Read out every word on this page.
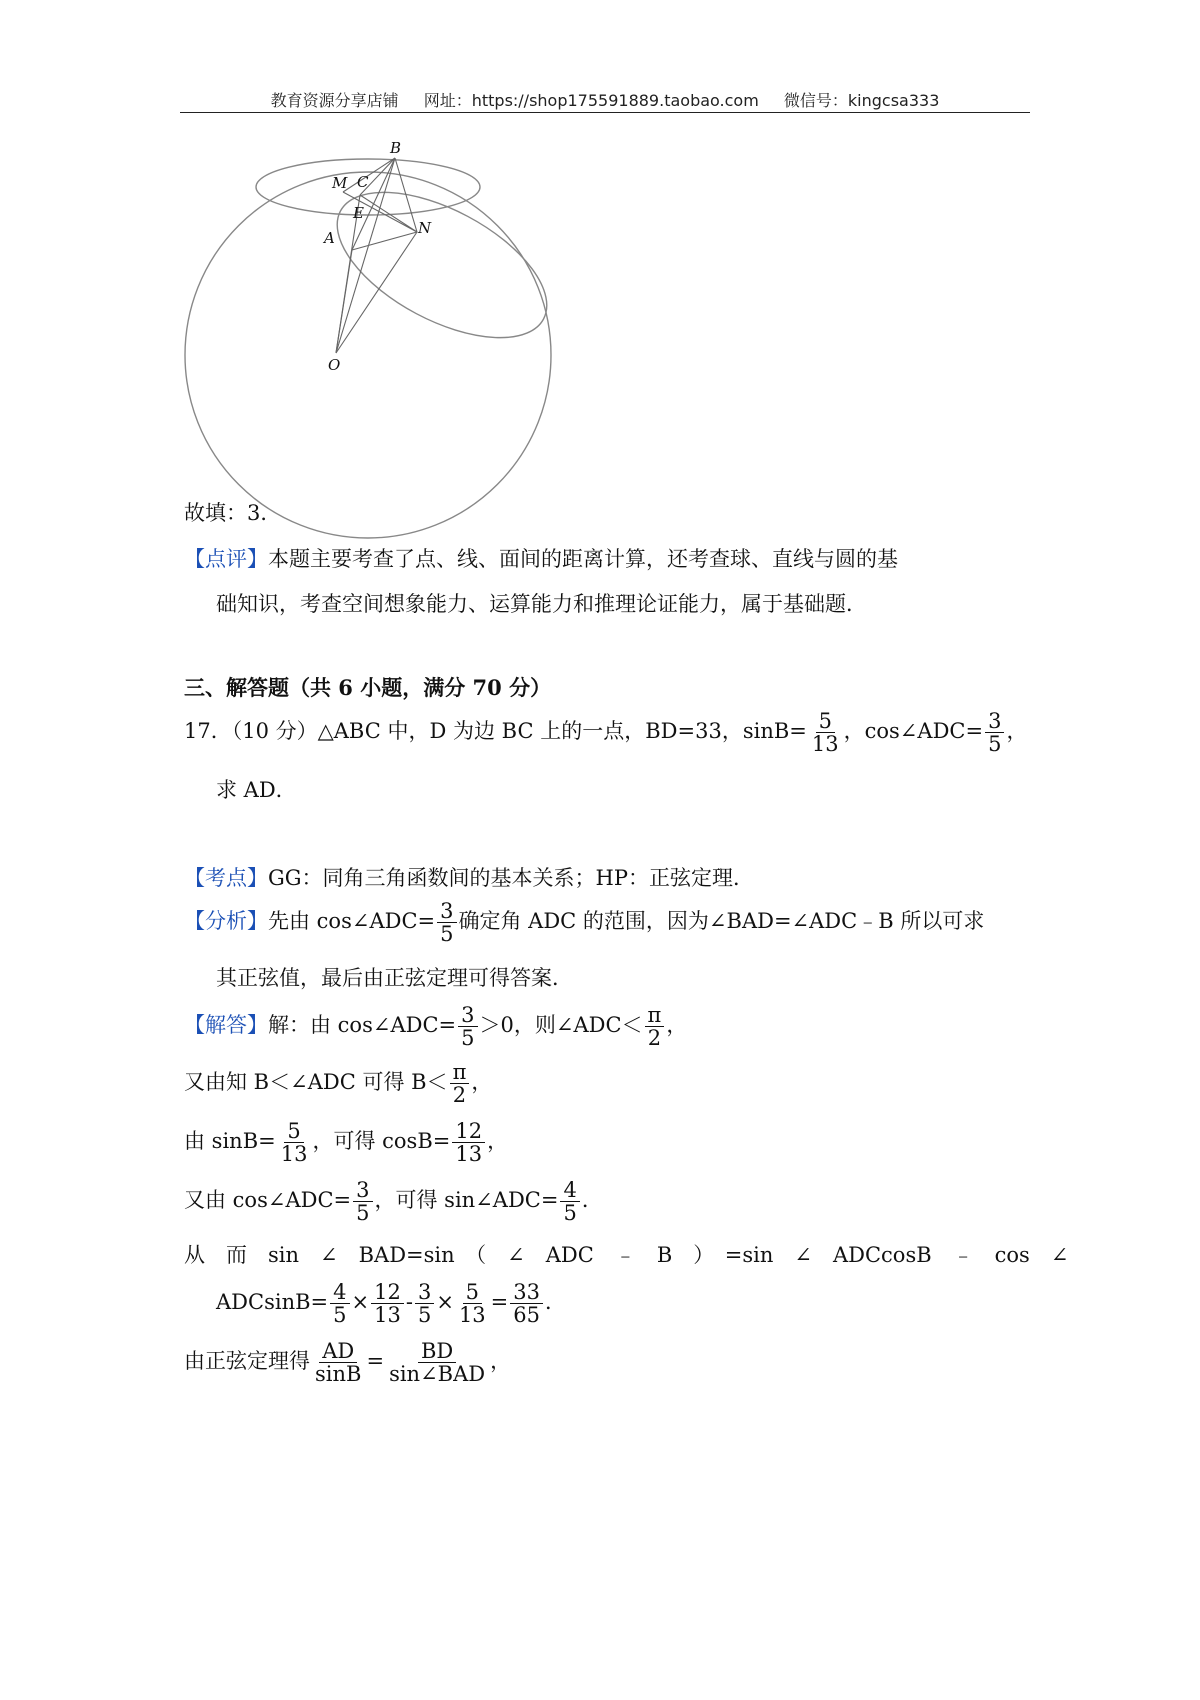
教育资源分享店铺 网址：https://shop175591889.taobao.com 微信号：kingcsa333
B
M C
E
N
A
O
故填：3．
【点评】本题主要考查了点、线、面间的距离计算，还考查球、直线与圆的基
础知识，考查空间想象能力、运算能力和推理论证能力，属于基础题．
三、解答题（共 6 小题，满分 70 分）
17．（10 分）△ABC 中，D 为边 BC 上的一点，BD=33，$\sin B= \frac{5}{13}$ ，cos∠ADC= $\frac{3}{5}$ ，
求 AD．
【考点】GG：同角三角函数间的基本关系；HP：正弦定理．
【分析】先由 cos∠ADC= $\frac{3}{5}$ 确定角 ADC 的范围，因为∠BAD=∠ADC﹣B 所以可求
其正弦值，最后由正弦定理可得答案．
【解答】解：由 cos∠ADC= $\frac{3}{5} >0$，则∠ADC＜ $\frac{\pi}{2}$ ，
又由知 B＜∠ADC 可得 $B< \frac{\pi}{2}$ ，
由 $\sin B= \frac{5}{13}$ ，可得 $\cos B= \frac{12}{13}$ ，
又由 cos∠ADC= $\frac{3}{5}$ ，可得 sin∠ADC= $\frac{4}{5}$ ．
从　而　sin　∠　BAD=sin　（　∠　ADC　﹣　B　）　=sin　∠　ADCcosB　﹣　cos　∠
$ADCsinB= \frac{4}{5} \times \frac{12}{13} - \frac{3}{5} \times \frac{5}{13} = \frac{33}{65}$ ．
由正弦定理得 $\frac{AD}{\sin B} = \frac{BD}{\text{sin∠BAD}}$ ，
